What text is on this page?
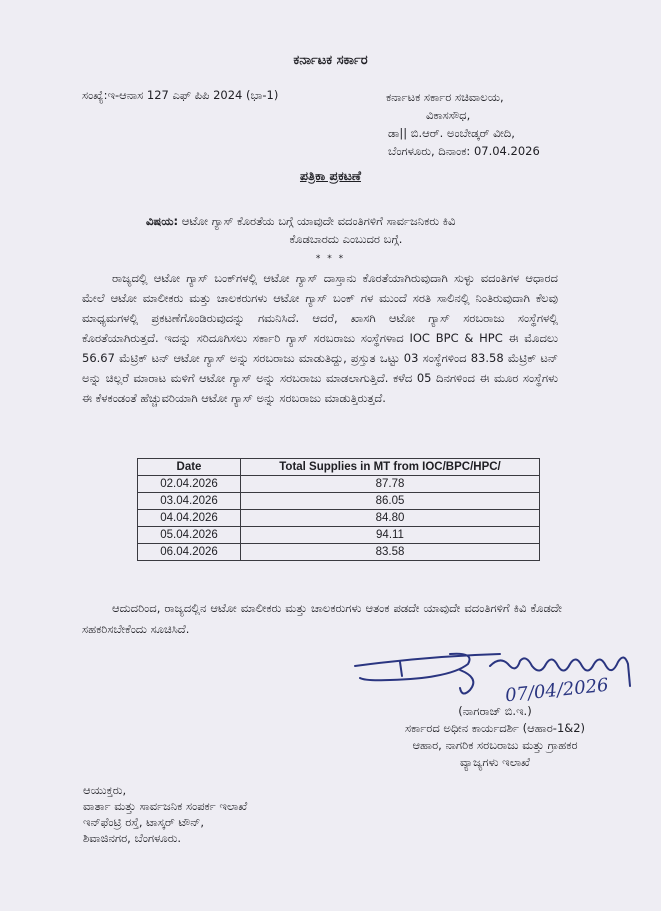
ಕರ್ನಾಟಕ ಸರ್ಕಾರ
ಸಂಖ್ಯೆ:ಇ-ಆನಾಸ 127 ಎಫ್ ಪಿಪಿ 2024 (ಭಾ-1)	ಕರ್ನಾಟಕ ಸರ್ಕಾರ ಸಚಿವಾಲಯ,
ವಿಕಾಸಸೌಧ,
ಡಾ|| ಬಿ.ಆರ್. ಅಂಬೇಡ್ಕರ್ ವೀದಿ,
ಬೆಂಗಳೂರು, ದಿನಾಂಕ: 07.04.2026
ಪತ್ರಿಕಾ ಪ್ರಕಟಣೆ
ವಿಷಯ: ಆಟೋ ಗ್ಯಾಸ್ ಕೊರತೆಯ ಬಗ್ಗೆ ಯಾವುದೇ ವದಂತಿಗಳಿಗೆ ಸಾರ್ವಜನಿಕರು ಕಿವಿ
ಕೊಡಬಾರದು ಎಂಬುದರ ಬಗ್ಗೆ.
* * *
ರಾಜ್ಯದಲ್ಲಿ ಆಟೋ ಗ್ಯಾಸ್ ಬಂಕ್‌ಗಳಲ್ಲಿ ಆಟೋ ಗ್ಯಾಸ್ ದಾಸ್ತಾನು ಕೊರತೆಯಾಗಿರುವುದಾಗಿ ಸುಳ್ಳು ವದಂತಿಗಳ ಆಧಾರದ ಮೇಲೆ ಆಟೋ ಮಾಲೀಕರು ಮತ್ತು ಚಾಲಕರುಗಳು ಆಟೋ ಗ್ಯಾಸ್ ಬಂಕ್ ಗಳ ಮುಂದೆ ಸರತಿ ಸಾಲಿನಲ್ಲಿ ನಿಂತಿರುವುದಾಗಿ ಕೆಲವು ಮಾಧ್ಯಮಗಳಲ್ಲಿ ಪ್ರಕಟಣೆಗೊಂಡಿರುವುದನ್ನು ಗಮನಿಸಿದೆ. ಆದರೆ, ಖಾಸಗಿ ಆಟೋ ಗ್ಯಾಸ್ ಸರಬರಾಜು ಸಂಸ್ಥೆಗಳಲ್ಲಿ ಕೊರತೆಯಾಗಿರುತ್ತದೆ. ಇದನ್ನು ಸರಿದೂಗಿಸಲು ಸರ್ಕಾರಿ ಗ್ಯಾಸ್ ಸರಬರಾಜು ಸಂಸ್ಥೆಗಳಾದ IOC BPC & HPC ಈ ಮೊದಲು 56.67 ಮೆಟ್ರಿಕ್ ಟನ್ ಆಟೋ ಗ್ಯಾಸ್ ಅನ್ನು ಸರಬರಾಜು ಮಾಡುತಿದ್ದು, ಪ್ರಸ್ತುತ ಒಟ್ಟು 03 ಸಂಸ್ಥೆಗಳಿಂದ 83.58 ಮೆಟ್ರಿಕ್ ಟನ್ ಅನ್ನು ಚಿಲ್ಲರೆ ಮಾರಾಟ ಮಳಿಗೆ ಆಟೋ ಗ್ಯಾಸ್ ಅನ್ನು ಸರಬರಾಜು ಮಾಡಲಾಗುತ್ತಿದೆ. ಕಳೆದ 05 ದಿನಗಳಿಂದ ಈ ಮೂರ ಸಂಸ್ಥೆಗಳು ಈ ಕೆಳಕಂಡಂತೆ ಹೆಚ್ಚುವರಿಯಾಗಿ ಆಟೋ ಗ್ಯಾಸ್ ಅನ್ನು ಸರಬರಾಜು ಮಾಡುತ್ತಿರುತ್ತದೆ.
Date	Total Supplies in MT from IOC/BPC/HPC/
02.04.2026	87.78
03.04.2026	86.05
04.04.2026	84.80
05.04.2026	94.11
06.04.2026	83.58
ಆದುದರಿಂದ, ರಾಜ್ಯದಲ್ಲಿನ ಆಟೋ ಮಾಲೀಕರು ಮತ್ತು ಚಾಲಕರುಗಳು ಆತಂಕ ಪಡದೇ ಯಾವುದೇ ವದಂತಿಗಳಿಗೆ ಕಿವಿ ಕೊಡದೇ ಸಹಕರಿಸಬೇಕೆಂದು ಸೂಚಿಸಿದೆ.
07/04/2026
(ನಾಗರಾಜ್ ಬಿ.ಇ.)
ಸರ್ಕಾರದ ಅಧೀನ ಕಾರ್ಯದರ್ಶಿ (ಆಹಾರ-1&2)
ಆಹಾರ, ನಾಗರಿಕ ಸರಬರಾಜು ಮತ್ತು ಗ್ರಾಹಕರ
ವ್ಯಾಜ್ಯಗಳು ಇಲಾಖೆ
ಆಯುಕ್ತರು,
ವಾರ್ತಾ ಮತ್ತು ಸಾರ್ವಜನಿಕ ಸಂಪರ್ಕ ಇಲಾಖೆ
ಇನ್‌ಫೆಂಟ್ರಿ ರಸ್ತೆ, ಟಾಸ್ಕರ್ ಟೌನ್,
ಶಿವಾಜಿನಗರ, ಬೆಂಗಳೂರು.
